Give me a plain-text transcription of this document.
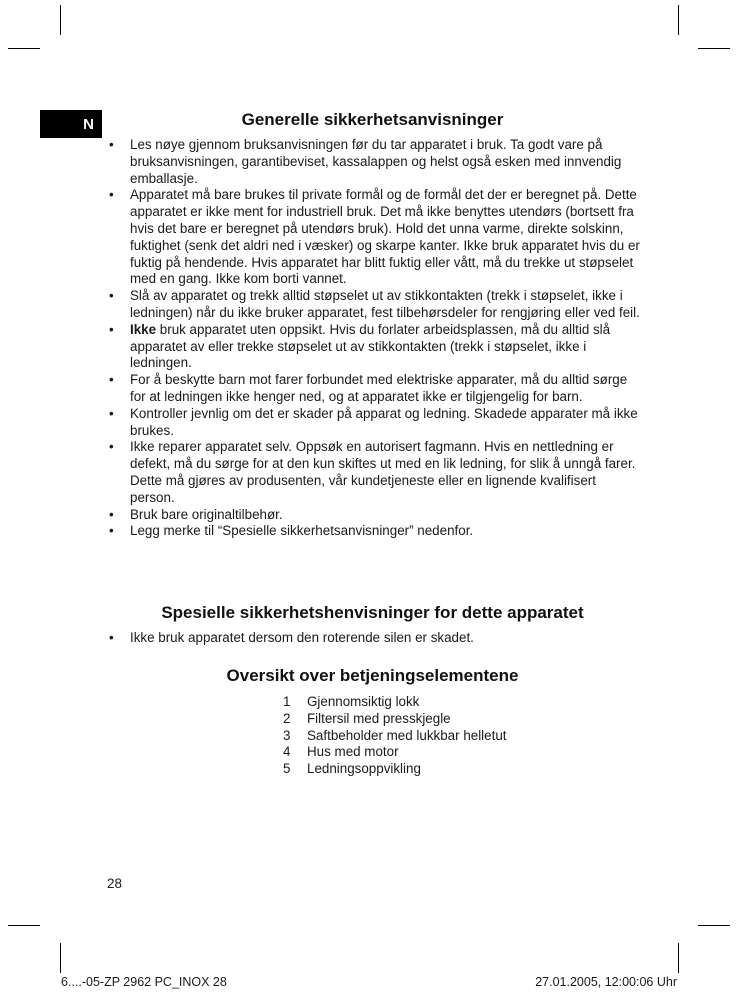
N	Generelle sikkerhetsanvisninger
• Les nøye gjennom bruksanvisningen før du tar apparatet i bruk. Ta godt vare på bruksanvisningen, garantibeviset, kassalappen og helst også esken med innvendig emballasje.
• Apparatet må bare brukes til private formål og de formål det der er beregnet på. Dette apparatet er ikke ment for industriell bruk. Det må ikke benyttes utendørs (bortsett fra hvis det bare er beregnet på utendørs bruk). Hold det unna varme, direkte solskinn, fuktighet (senk det aldri ned i væsker) og skarpe kanter. Ikke bruk apparatet hvis du er fuktig på hendende. Hvis apparatet har blitt fuktig eller vått, må du trekke ut støpselet med en gang. Ikke kom borti vannet.
• Slå av apparatet og trekk alltid støpselet ut av stikkontakten (trekk i støpselet, ikke i ledningen) når du ikke bruker apparatet, fest tilbehørsdeler for rengjøring eller ved feil.
• Ikke bruk apparatet uten oppsikt. Hvis du forlater arbeidsplassen, må du alltid slå apparatet av eller trekke støpselet ut av stikkontakten (trekk i støpselet, ikke i ledningen.
• For å beskytte barn mot farer forbundet med elektriske apparater, må du alltid sørge for at ledningen ikke henger ned, og at apparatet ikke er tilgjengelig for barn.
• Kontroller jevnlig om det er skader på apparat og ledning. Skadede apparater må ikke brukes.
• Ikke reparer apparatet selv. Oppsøk en autorisert fagmann. Hvis en nettledning er defekt, må du sørge for at den kun skiftes ut med en lik ledning, for slik å unngå farer. Dette må gjøres av produsenten, vår kundetjeneste eller en lignende kvalifisert person.
• Bruk bare originaltilbehør.
• Legg merke til “Spesielle sikkerhetsanvisninger” nedenfor.
Spesielle sikkerhetshenvisninger for dette apparatet
• Ikke bruk apparatet dersom den roterende silen er skadet.
Oversikt over betjeningselementene
1	Gjennomsiktig lokk
2	Filtersil med presskjegle
3	Saftbeholder med lukkbar helletut
4	Hus med motor
5	Ledningsoppvikling
28
6....-05-ZP 2962 PC_INOX 28	27.01.2005, 12:00:06 Uhr
